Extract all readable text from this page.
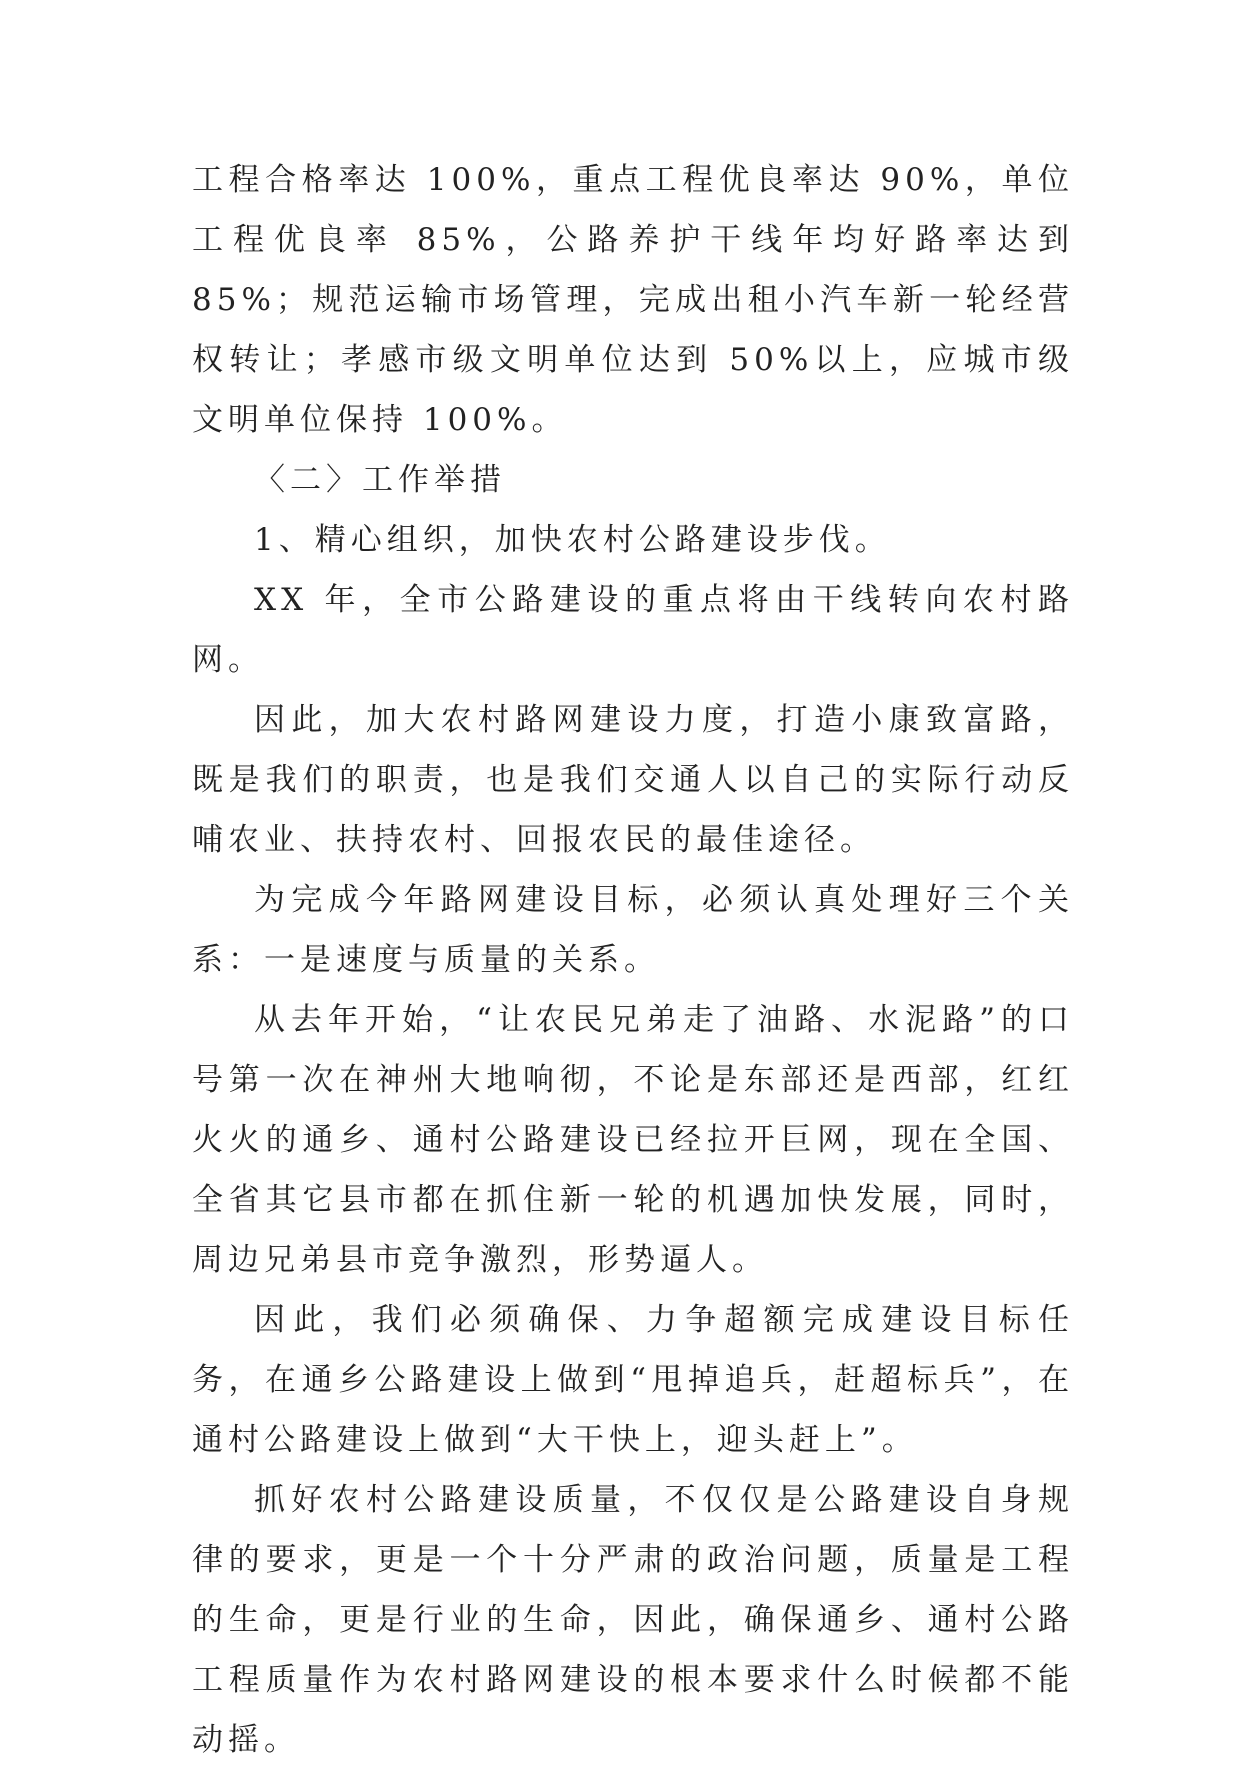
工程合格率达 100%，重点工程优良率达 90%，单位工程优良率 85%，公路养护干线年均好路率达到 85%；规范运输市场管理，完成出租小汽车新一轮经营权转让；孝感市级文明单位达到 50%以上，应城市级文明单位保持 100%。

〈二〉工作举措

1、精心组织，加快农村公路建设步伐。

XX 年，全市公路建设的重点将由干线转向农村路网。

因此，加大农村路网建设力度，打造小康致富路，既是我们的职责，也是我们交通人以自己的实际行动反哺农业、扶持农村、回报农民的最佳途径。

为完成今年路网建设目标，必须认真处理好三个关系：一是速度与质量的关系。

从去年开始，“让农民兄弟走了油路、水泥路”的口号第一次在神州大地响彻，不论是东部还是西部，红红火火的通乡、通村公路建设已经拉开巨网，现在全国、全省其它县市都在抓住新一轮的机遇加快发展，同时，周边兄弟县市竞争激烈，形势逼人。

因此，我们必须确保、力争超额完成建设目标任务，在通乡公路建设上做到“甩掉追兵，赶超标兵”，在通村公路建设上做到“大干快上，迎头赶上”。

抓好农村公路建设质量，不仅仅是公路建设自身规律的要求，更是一个十分严肃的政治问题，质量是工程的生命，更是行业的生命，因此，确保通乡、通村公路工程质量作为农村路网建设的根本要求什么时候都不能动摇。
